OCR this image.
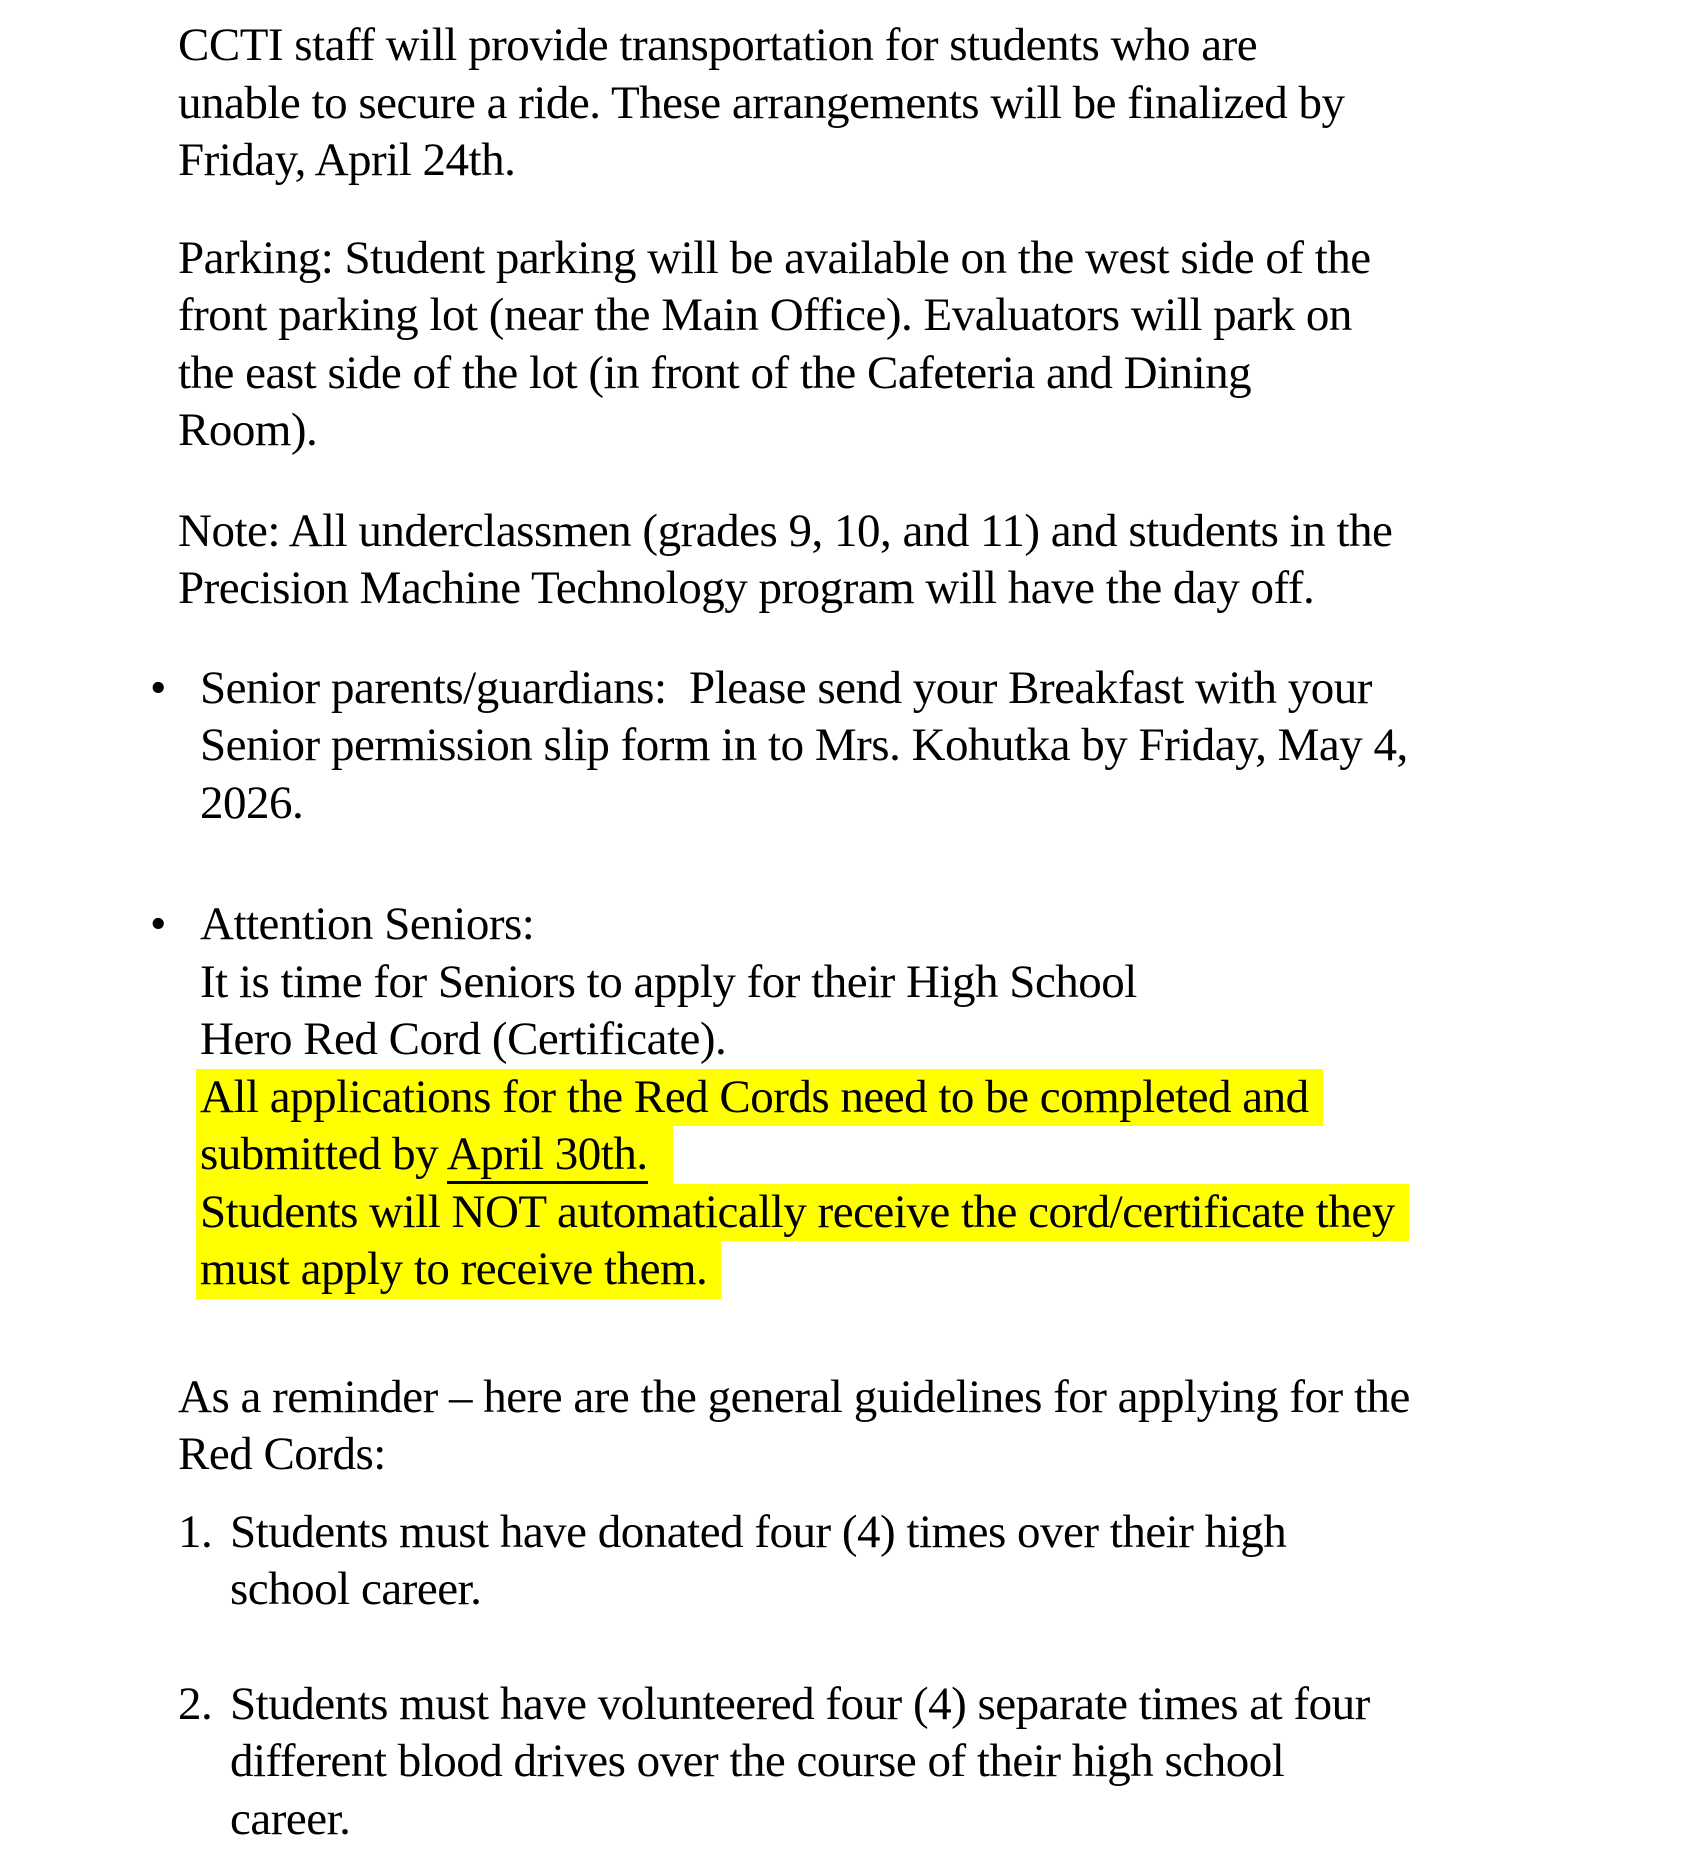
CCTI staff will provide transportation for students who are
unable to secure a ride. These arrangements will be finalized by
Friday, April 24th.

Parking: Student parking will be available on the west side of the
front parking lot (near the Main Office). Evaluators will park on
the east side of the lot (in front of the Cafeteria and Dining
Room).

Note: All underclassmen (grades 9, 10, and 11) and students in the
Precision Machine Technology program will have the day off.

• Senior parents/guardians:  Please send your Breakfast with your
Senior permission slip form in to Mrs. Kohutka by Friday, May 4,
2026.
• Attention Seniors:
It is time for Seniors to apply for their High School
Hero Red Cord (Certificate).
All applications for the Red Cords need to be completed and
submitted by April 30th.
Students will NOT automatically receive the cord/certificate they
must apply to receive them.

As a reminder – here are the general guidelines for applying for the
Red Cords:

1. Students must have donated four (4) times over their high
school career.
2. Students must have volunteered four (4) separate times at four
different blood drives over the course of their high school
career.
